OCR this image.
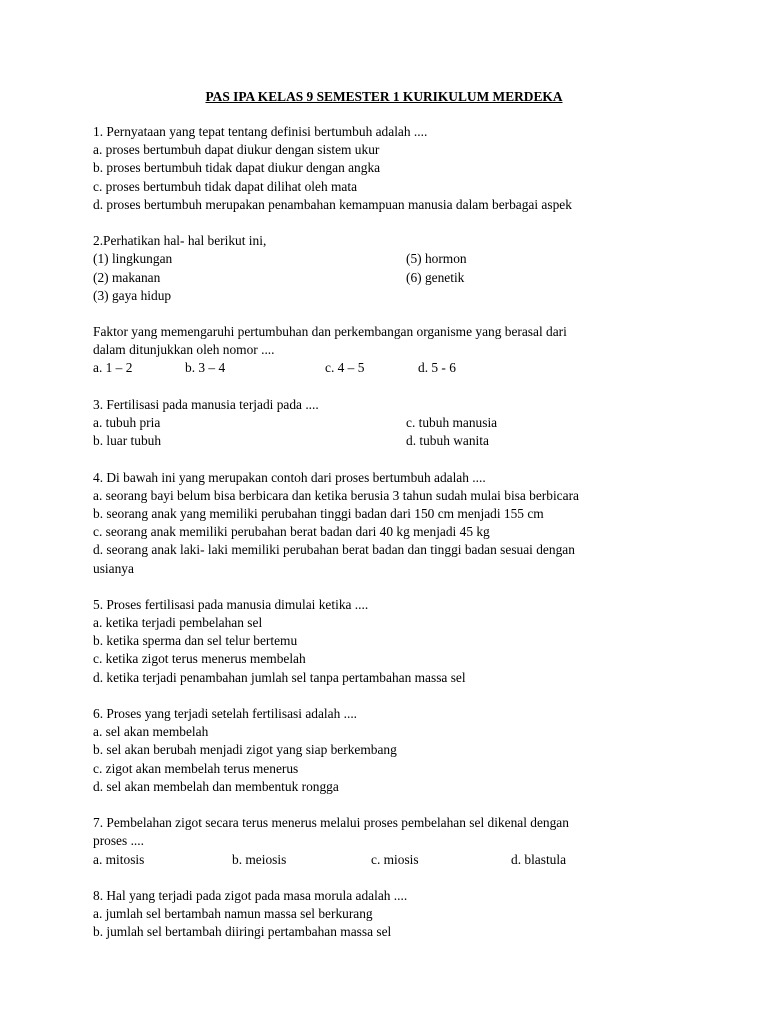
PAS IPA KELAS 9 SEMESTER 1 KURIKULUM MERDEKA

1. Pernyataan yang tepat tentang definisi bertumbuh adalah ....
a. proses bertumbuh dapat diukur dengan sistem ukur
b. proses bertumbuh tidak dapat diukur dengan angka
c. proses bertumbuh tidak dapat dilihat oleh mata
d. proses bertumbuh merupakan penambahan kemampuan manusia dalam berbagai aspek
2.Perhatikan hal- hal berikut ini,
(1) lingkungan	(5) hormon
(2) makanan	(6) genetik
(3) gaya hidup
Faktor yang memengaruhi pertumbuhan dan perkembangan organisme yang berasal dari
dalam ditunjukkan oleh nomor ....
a. 1 – 2	b. 3 – 4	c. 4 – 5	d. 5 - 6
3. Fertilisasi pada manusia terjadi pada ....
a. tubuh pria	c. tubuh manusia
b. luar tubuh	d. tubuh wanita
4. Di bawah ini yang merupakan contoh dari proses bertumbuh adalah ....
a. seorang bayi belum bisa berbicara dan ketika berusia 3 tahun sudah mulai bisa berbicara
b. seorang anak yang memiliki perubahan tinggi badan dari 150 cm menjadi 155 cm
c. seorang anak memiliki perubahan berat badan dari 40 kg menjadi 45 kg
d. seorang anak laki- laki memiliki perubahan berat badan dan tinggi badan sesuai dengan
usianya
5. Proses fertilisasi pada manusia dimulai ketika ....
a. ketika terjadi pembelahan sel
b. ketika sperma dan sel telur bertemu
c. ketika zigot terus menerus membelah
d. ketika terjadi penambahan jumlah sel tanpa pertambahan massa sel
6. Proses yang terjadi setelah fertilisasi adalah ....
a. sel akan membelah
b. sel akan berubah menjadi zigot yang siap berkembang
c. zigot akan membelah terus menerus
d. sel akan membelah dan membentuk rongga
7. Pembelahan zigot secara terus menerus melalui proses pembelahan sel dikenal dengan
proses ....
a. mitosis	b. meiosis	c. miosis	d. blastula
8. Hal yang terjadi pada zigot pada masa morula adalah ....
a. jumlah sel bertambah namun massa sel berkurang
b. jumlah sel bertambah diiringi pertambahan massa sel
